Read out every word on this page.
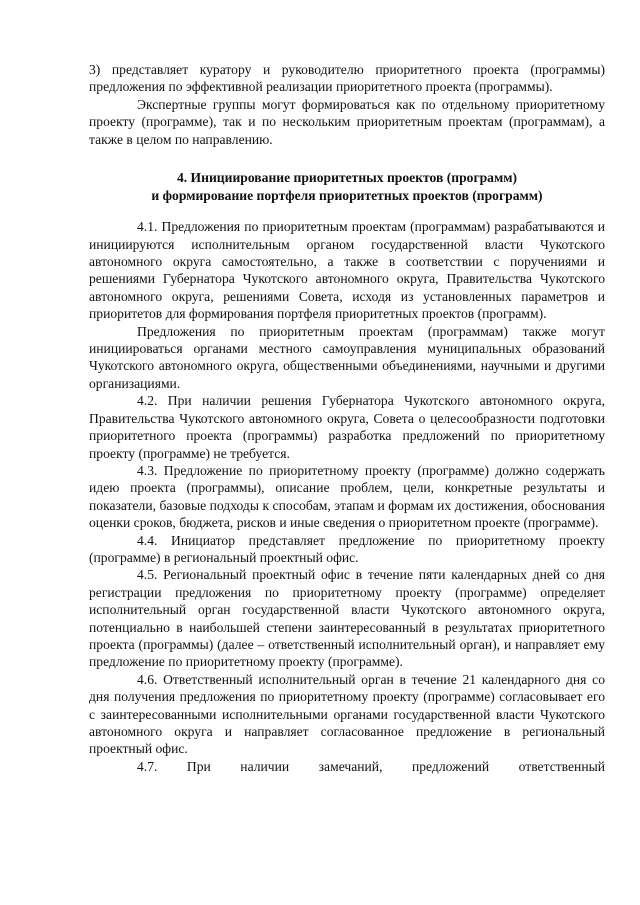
3) представляет куратору и руководителю приоритетного проекта (программы) предложения по эффективной реализации приоритетного проекта (программы).

Экспертные группы могут формироваться как по отдельному приоритетному проекту (программе), так и по нескольким приоритетным проектам (программам), а также в целом по направлению.

4. Инициирование приоритетных проектов (программ)
и формирование портфеля приоритетных проектов (программ)

4.1. Предложения по приоритетным проектам (программам) разрабатываются и инициируются исполнительным органом государственной власти Чукотского автономного округа самостоятельно, а также в соответствии с поручениями и решениями Губернатора Чукотского автономного округа, Правительства Чукотского автономного округа, решениями Совета, исходя из установленных параметров и приоритетов для формирования портфеля приоритетных проектов (программ).

Предложения по приоритетным проектам (программам) также могут инициироваться органами местного самоуправления муниципальных образований Чукотского автономного округа, общественными объединениями, научными и другими организациями.

4.2. При наличии решения Губернатора Чукотского автономного округа, Правительства Чукотского автономного округа, Совета о целесообразности подготовки приоритетного проекта (программы) разработка предложений по приоритетному проекту (программе) не требуется.

4.3. Предложение по приоритетному проекту (программе) должно содержать идею проекта (программы), описание проблем, цели, конкретные результаты и показатели, базовые подходы к способам, этапам и формам их достижения, обоснования оценки сроков, бюджета, рисков и иные сведения о приоритетном проекте (программе).

4.4. Инициатор представляет предложение по приоритетному проекту (программе) в региональный проектный офис.

4.5. Региональный проектный офис в течение пяти календарных дней со дня регистрации предложения по приоритетному проекту (программе) определяет исполнительный орган государственной власти Чукотского автономного округа, потенциально в наибольшей степени заинтересованный в результатах приоритетного проекта (программы) (далее – ответственный исполнительный орган), и направляет ему предложение по приоритетному проекту (программе).

4.6. Ответственный исполнительный орган в течение 21 календарного дня со дня получения предложения по приоритетному проекту (программе) согласовывает его с заинтересованными исполнительными органами государственной власти Чукотского автономного округа и направляет согласованное предложение в региональный проектный офис.

4.7. При наличии замечаний, предложений ответственный
